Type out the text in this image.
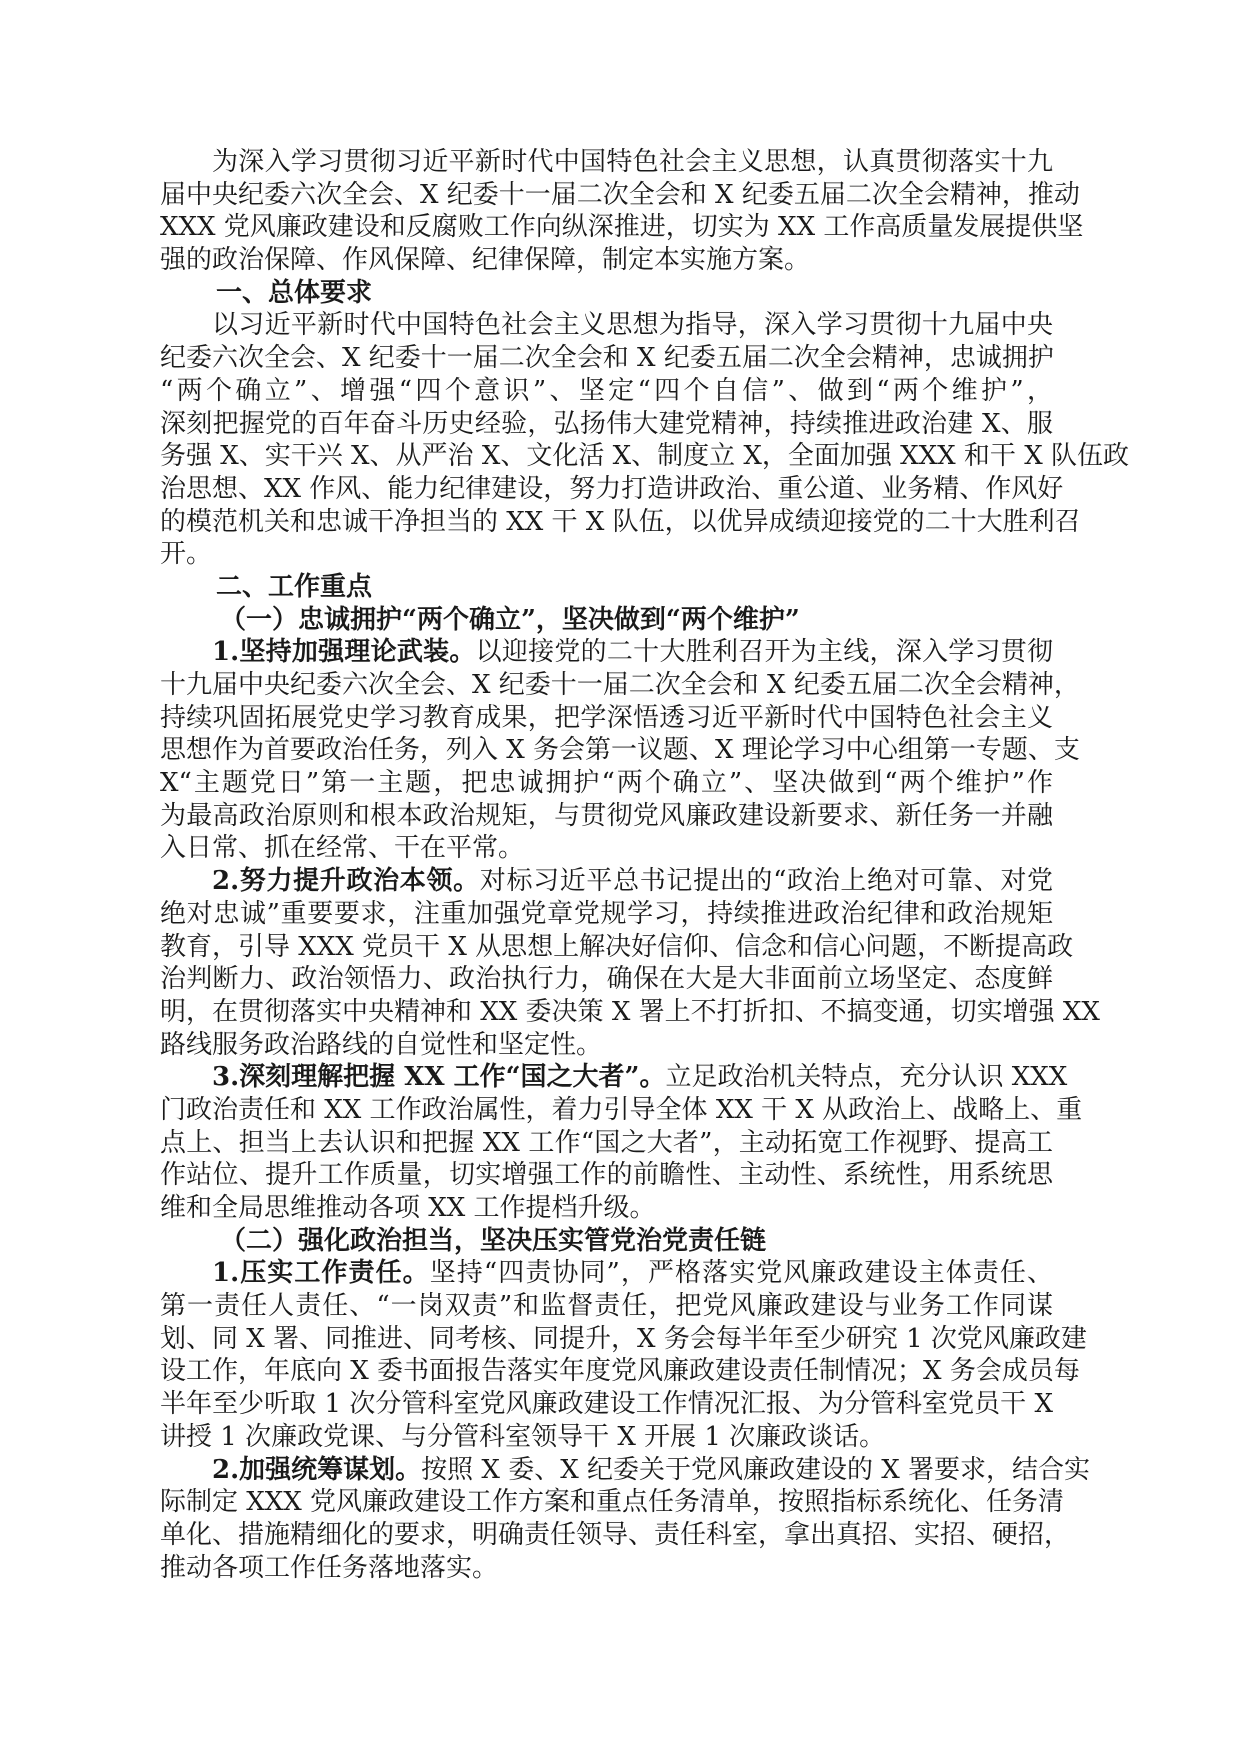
为深入学习贯彻习近平新时代中国特色社会主义思想，认真贯彻落实十九
届中央纪委六次全会、X 纪委十一届二次全会和 X 纪委五届二次全会精神，推动
XXX 党风廉政建设和反腐败工作向纵深推进，切实为 XX 工作高质量发展提供坚
强的政治保障、作风保障、纪律保障，制定本实施方案。
一、总体要求
以习近平新时代中国特色社会主义思想为指导，深入学习贯彻十九届中央
纪委六次全会、X 纪委十一届二次全会和 X 纪委五届二次全会精神，忠诚拥护
“两个确立”、增强“四个意识”、坚定“四个自信”、做到“两个维护”，
深刻把握党的百年奋斗历史经验，弘扬伟大建党精神，持续推进政治建 X、服
务强 X、实干兴 X、从严治 X、文化活 X、制度立 X，全面加强 XXX 和干 X 队伍政
治思想、XX 作风、能力纪律建设，努力打造讲政治、重公道、业务精、作风好
的模范机关和忠诚干净担当的 XX 干 X 队伍，以优异成绩迎接党的二十大胜利召
开。
二、工作重点
（一）忠诚拥护“两个确立”，坚决做到“两个维护”
1.坚持加强理论武装。以迎接党的二十大胜利召开为主线，深入学习贯彻
十九届中央纪委六次全会、X 纪委十一届二次全会和 X 纪委五届二次全会精神，
持续巩固拓展党史学习教育成果，把学深悟透习近平新时代中国特色社会主义
思想作为首要政治任务，列入 X 务会第一议题、X 理论学习中心组第一专题、支
X“主题党日”第一主题，把忠诚拥护“两个确立”、坚决做到“两个维护”作
为最高政治原则和根本政治规矩，与贯彻党风廉政建设新要求、新任务一并融
入日常、抓在经常、干在平常。
2.努力提升政治本领。对标习近平总书记提出的“政治上绝对可靠、对党
绝对忠诚”重要要求，注重加强党章党规学习，持续推进政治纪律和政治规矩
教育，引导 XXX 党员干 X 从思想上解决好信仰、信念和信心问题，不断提高政
治判断力、政治领悟力、政治执行力，确保在大是大非面前立场坚定、态度鲜
明，在贯彻落实中央精神和 XX 委决策 X 署上不打折扣、不搞变通，切实增强 XX
路线服务政治路线的自觉性和坚定性。
3.深刻理解把握 XX 工作“国之大者”。立足政治机关特点，充分认识 XXX
门政治责任和 XX 工作政治属性，着力引导全体 XX 干 X 从政治上、战略上、重
点上、担当上去认识和把握 XX 工作“国之大者”，主动拓宽工作视野、提高工
作站位、提升工作质量，切实增强工作的前瞻性、主动性、系统性，用系统思
维和全局思维推动各项 XX 工作提档升级。
（二）强化政治担当，坚决压实管党治党责任链
1.压实工作责任。坚持“四责协同”，严格落实党风廉政建设主体责任、
第一责任人责任、“一岗双责”和监督责任，把党风廉政建设与业务工作同谋
划、同 X 署、同推进、同考核、同提升，X 务会每半年至少研究 1 次党风廉政建
设工作，年底向 X 委书面报告落实年度党风廉政建设责任制情况；X 务会成员每
半年至少听取 1 次分管科室党风廉政建设工作情况汇报、为分管科室党员干 X
讲授 1 次廉政党课、与分管科室领导干 X 开展 1 次廉政谈话。
2.加强统筹谋划。按照 X 委、X 纪委关于党风廉政建设的 X 署要求，结合实
际制定 XXX 党风廉政建设工作方案和重点任务清单，按照指标系统化、任务清
单化、措施精细化的要求，明确责任领导、责任科室，拿出真招、实招、硬招，
推动各项工作任务落地落实。
